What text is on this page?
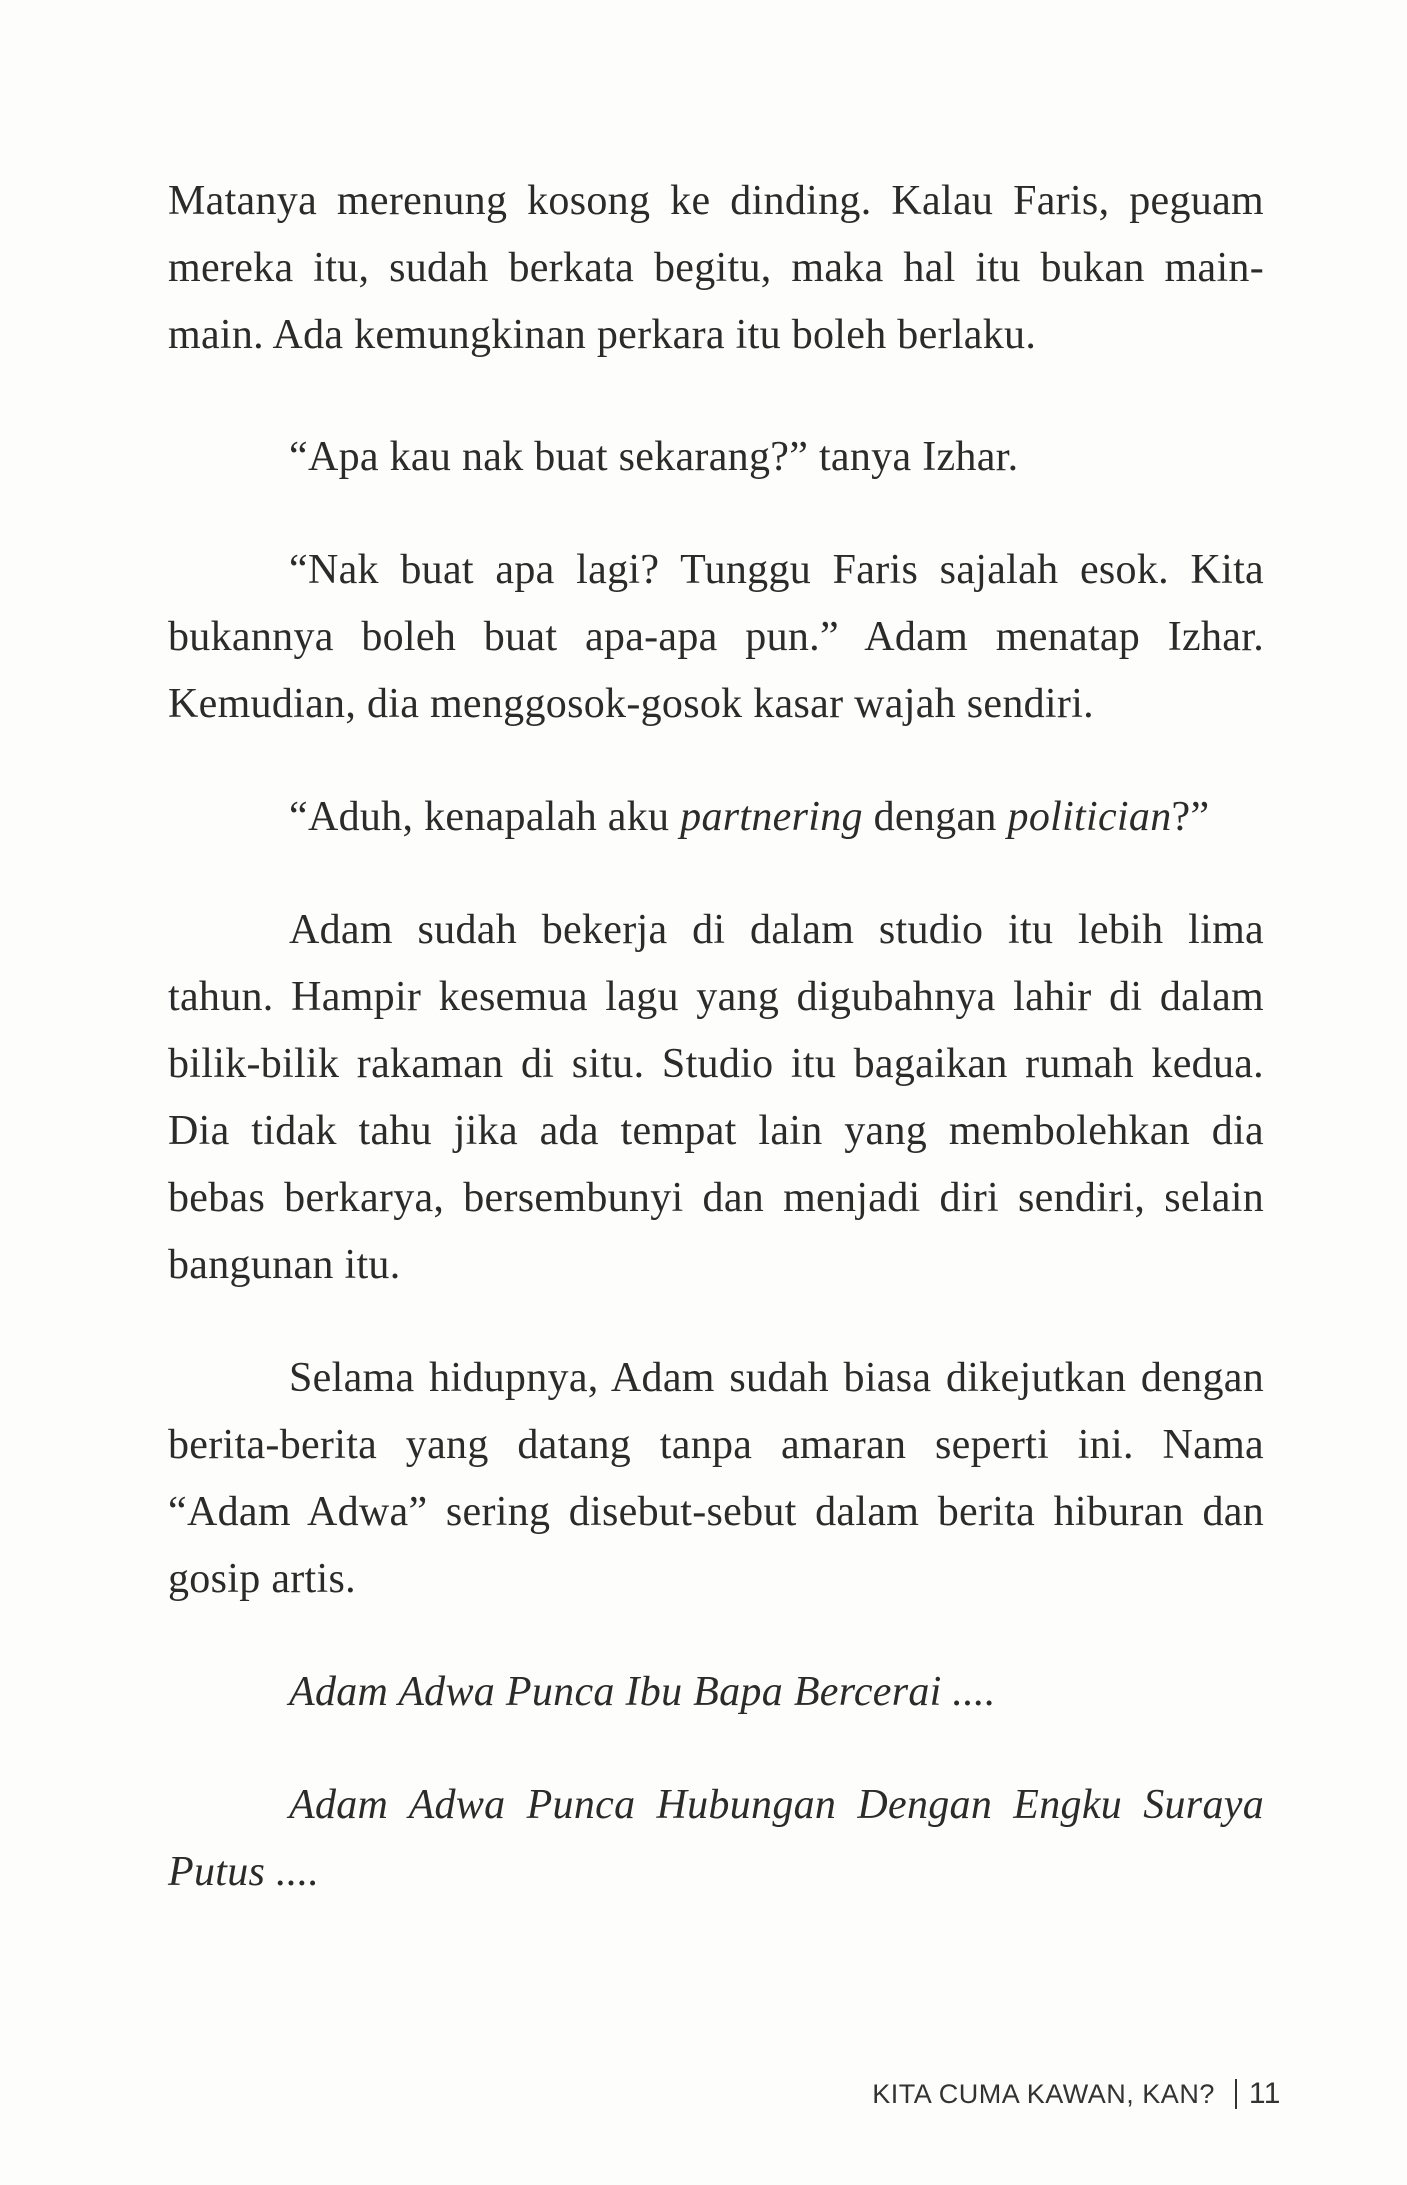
Matanya merenung kosong ke dinding. Kalau Faris, peguam mereka itu, sudah berkata begitu, maka hal itu bukan main-main. Ada kemungkinan perkara itu boleh berlaku.

“Apa kau nak buat sekarang?” tanya Izhar.

“Nak buat apa lagi? Tunggu Faris sajalah esok. Kita bukannya boleh buat apa-apa pun.” Adam menatap Izhar. Kemudian, dia menggosok-gosok kasar wajah sendiri.

“Aduh, kenapalah aku partnering dengan politician?”

Adam sudah bekerja di dalam studio itu lebih lima tahun. Hampir kesemua lagu yang digubahnya lahir di dalam bilik-bilik rakaman di situ. Studio itu bagaikan rumah kedua. Dia tidak tahu jika ada tempat lain yang membolehkan dia bebas berkarya, bersembunyi dan menjadi diri sendiri, selain bangunan itu.

Selama hidupnya, Adam sudah biasa dikejutkan dengan berita-berita yang datang tanpa amaran seperti ini. Nama “Adam Adwa” sering disebut-sebut dalam berita hiburan dan gosip artis.

Adam Adwa Punca Ibu Bapa Bercerai ....

Adam Adwa Punca Hubungan Dengan Engku Suraya Putus ....

KITA CUMA KAWAN, KAN? 11
